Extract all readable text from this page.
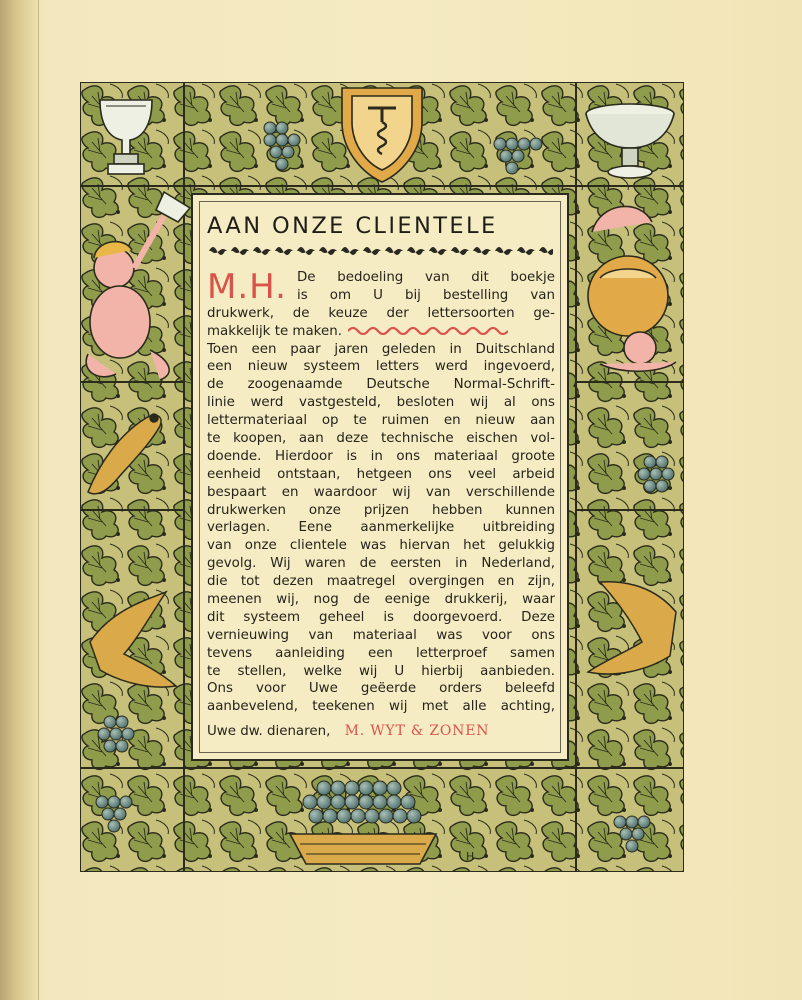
H
AAN ONZE CLIENTELE
M.H. De bedoeling van dit boekje
is om U bij bestelling van
drukwerk, de keuze der lettersoorten ge-
makkelijk te maken.
Toen een paar jaren geleden in Duitschland
een nieuw systeem letters werd ingevoerd,
de zoogenaamde Deutsche Normal-Schrift-
linie werd vastgesteld, besloten wij al ons
lettermateriaal op te ruimen en nieuw aan
te koopen, aan deze technische eischen vol-
doende. Hierdoor is in ons materiaal groote
eenheid ontstaan, hetgeen ons veel arbeid
bespaart en waardoor wij van verschillende
drukwerken onze prijzen hebben kunnen
verlagen. Eene aanmerkelijke uitbreiding
van onze clientele was hiervan het gelukkig
gevolg. Wij waren de eersten in Nederland,
die tot dezen maatregel overgingen en zijn,
meenen wij, nog de eenige drukkerij, waar
dit systeem geheel is doorgevoerd. Deze
vernieuwing van materiaal was voor ons
tevens aanleiding een letterproef samen
te stellen, welke wij U hierbij aanbieden.
Ons voor Uwe geëerde orders beleefd
aanbevelend, teekenen wij met alle achting,
Uwe dw. dienaren, M. WYT & ZONEN
